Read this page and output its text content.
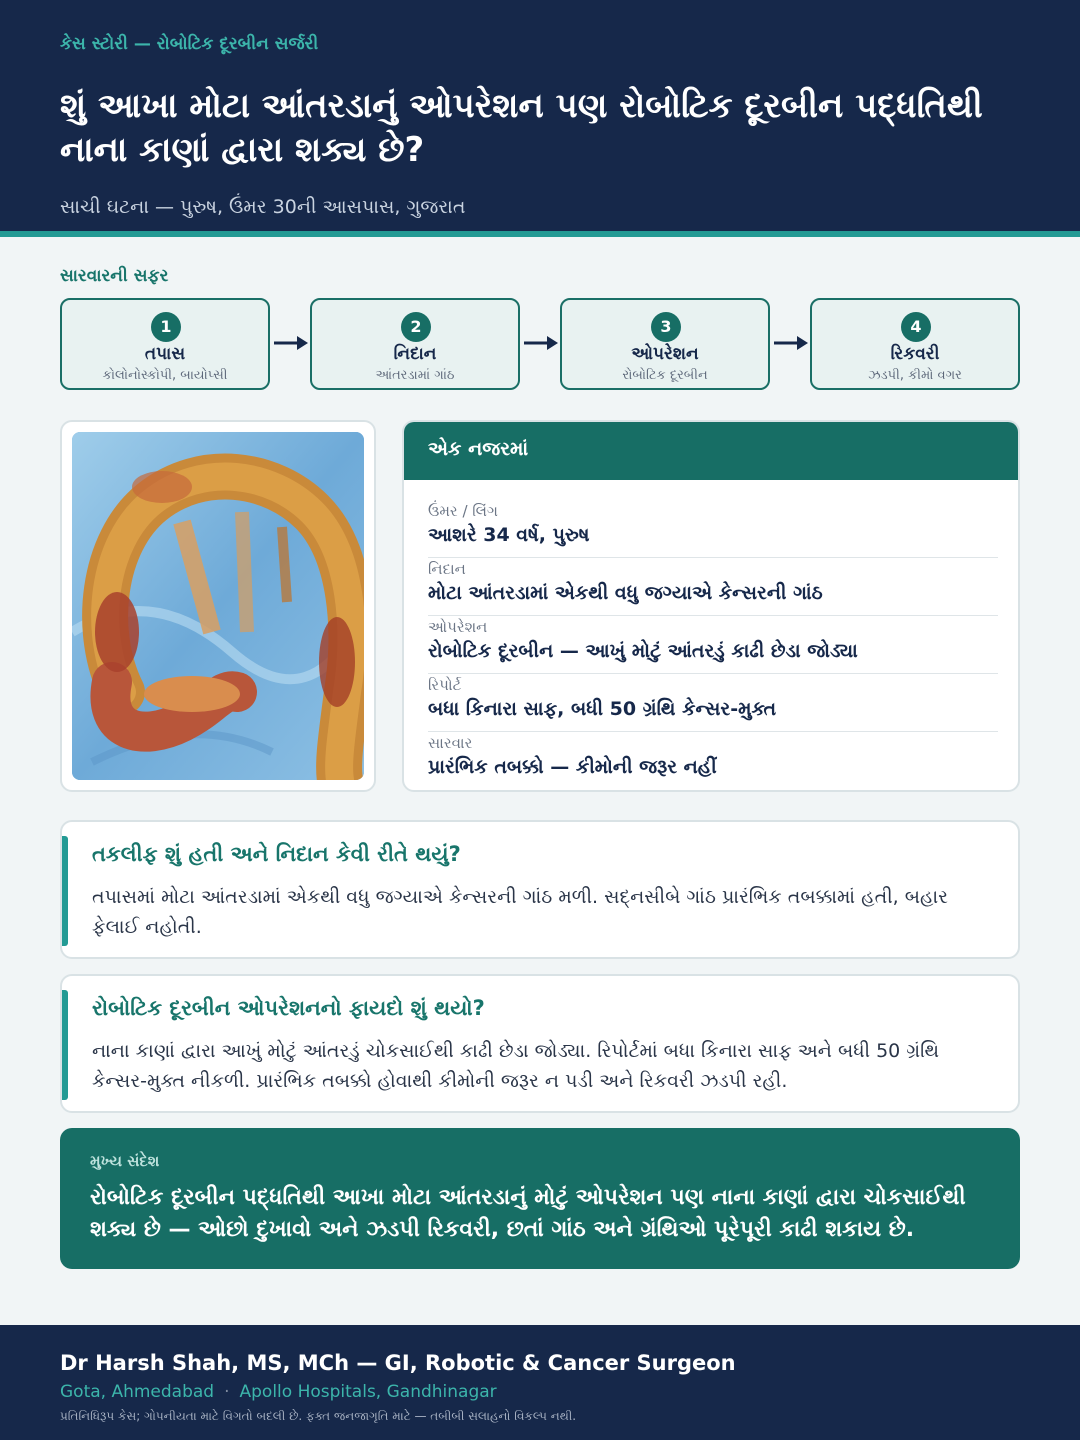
કેસ સ્ટોરી — રોબોટિક દૂરબીન સર્જરી
શું આખા મોટા આંતરડાનું ઓપરેશન પણ રોબોટિક દૂરબીન પદ્ધતિથી નાના કાણાં દ્વારા શક્ય છે?
સાચી ઘટના — પુરુષ, ઉંમર 30ની આસપાસ, ગુજરાત
સારવારની સફર
1
તપાસ
કોલોનોસ્કોપી, બાયોપ્સી
2
નિદાન
આંતરડામાં ગાંઠ
3
ઓપરેશન
રોબોટિક દૂરબીન
4
રિકવરી
ઝડપી, કીમો વગર
એક નજરમાં
ઉંમર / લિંગ
આશરે 34 વર્ષ, પુરુષ
નિદાન
મોટા આંતરડામાં એકથી વધુ જગ્યાએ કેન્સરની ગાંઠ
ઓપરેશન
રોબોટિક દૂરબીન — આખું મોટું આંતરડું કાઢી છેડા જોડ્યા
રિપોર્ટ
બધા કિનારા સાફ, બધી 50 ગ્રંથિ કેન્સર-મુક્ત
સારવાર
પ્રારંભિક તબક્કો — કીમોની જરૂર નહીં
તકલીફ શું હતી અને નિદાન કેવી રીતે થયું?
તપાસમાં મોટા આંતરડામાં એકથી વધુ જગ્યાએ કેન્સરની ગાંઠ મળી. સદ્નસીબે ગાંઠ પ્રારંભિક તબક્કામાં હતી, બહાર ફેલાઈ નહોતી.
રોબોટિક દૂરબીન ઓપરેશનનો ફાયદો શું થયો?
નાના કાણાં દ્વારા આખું મોટું આંતરડું ચોકસાઈથી કાઢી છેડા જોડ્યા. રિપોર્ટમાં બધા કિનારા સાફ અને બધી 50 ગ્રંથિ કેન્સર-મુક્ત નીકળી. પ્રારંભિક તબક્કો હોવાથી કીમોની જરૂર ન પડી અને રિકવરી ઝડપી રહી.
મુખ્ય સંદેશ
રોબોટિક દૂરબીન પદ્ધતિથી આખા મોટા આંતરડાનું મોટું ઓપરેશન પણ નાના કાણાં દ્વારા ચોકસાઈથી શક્ય છે — ઓછો દુખાવો અને ઝડપી રિકવરી, છતાં ગાંઠ અને ગ્રંથિઓ પૂરેપૂરી કાઢી શકાય છે.
Dr Harsh Shah, MS, MCh — GI, Robotic & Cancer Surgeon
Gota, Ahmedabad · Apollo Hospitals, Gandhinagar
પ્રતિનિધિરૂપ કેસ; ગોપનીયતા માટે વિગતો બદલી છે. ફક્ત જનજાગૃતિ માટે — તબીબી સલાહનો વિકલ્પ નથી.
